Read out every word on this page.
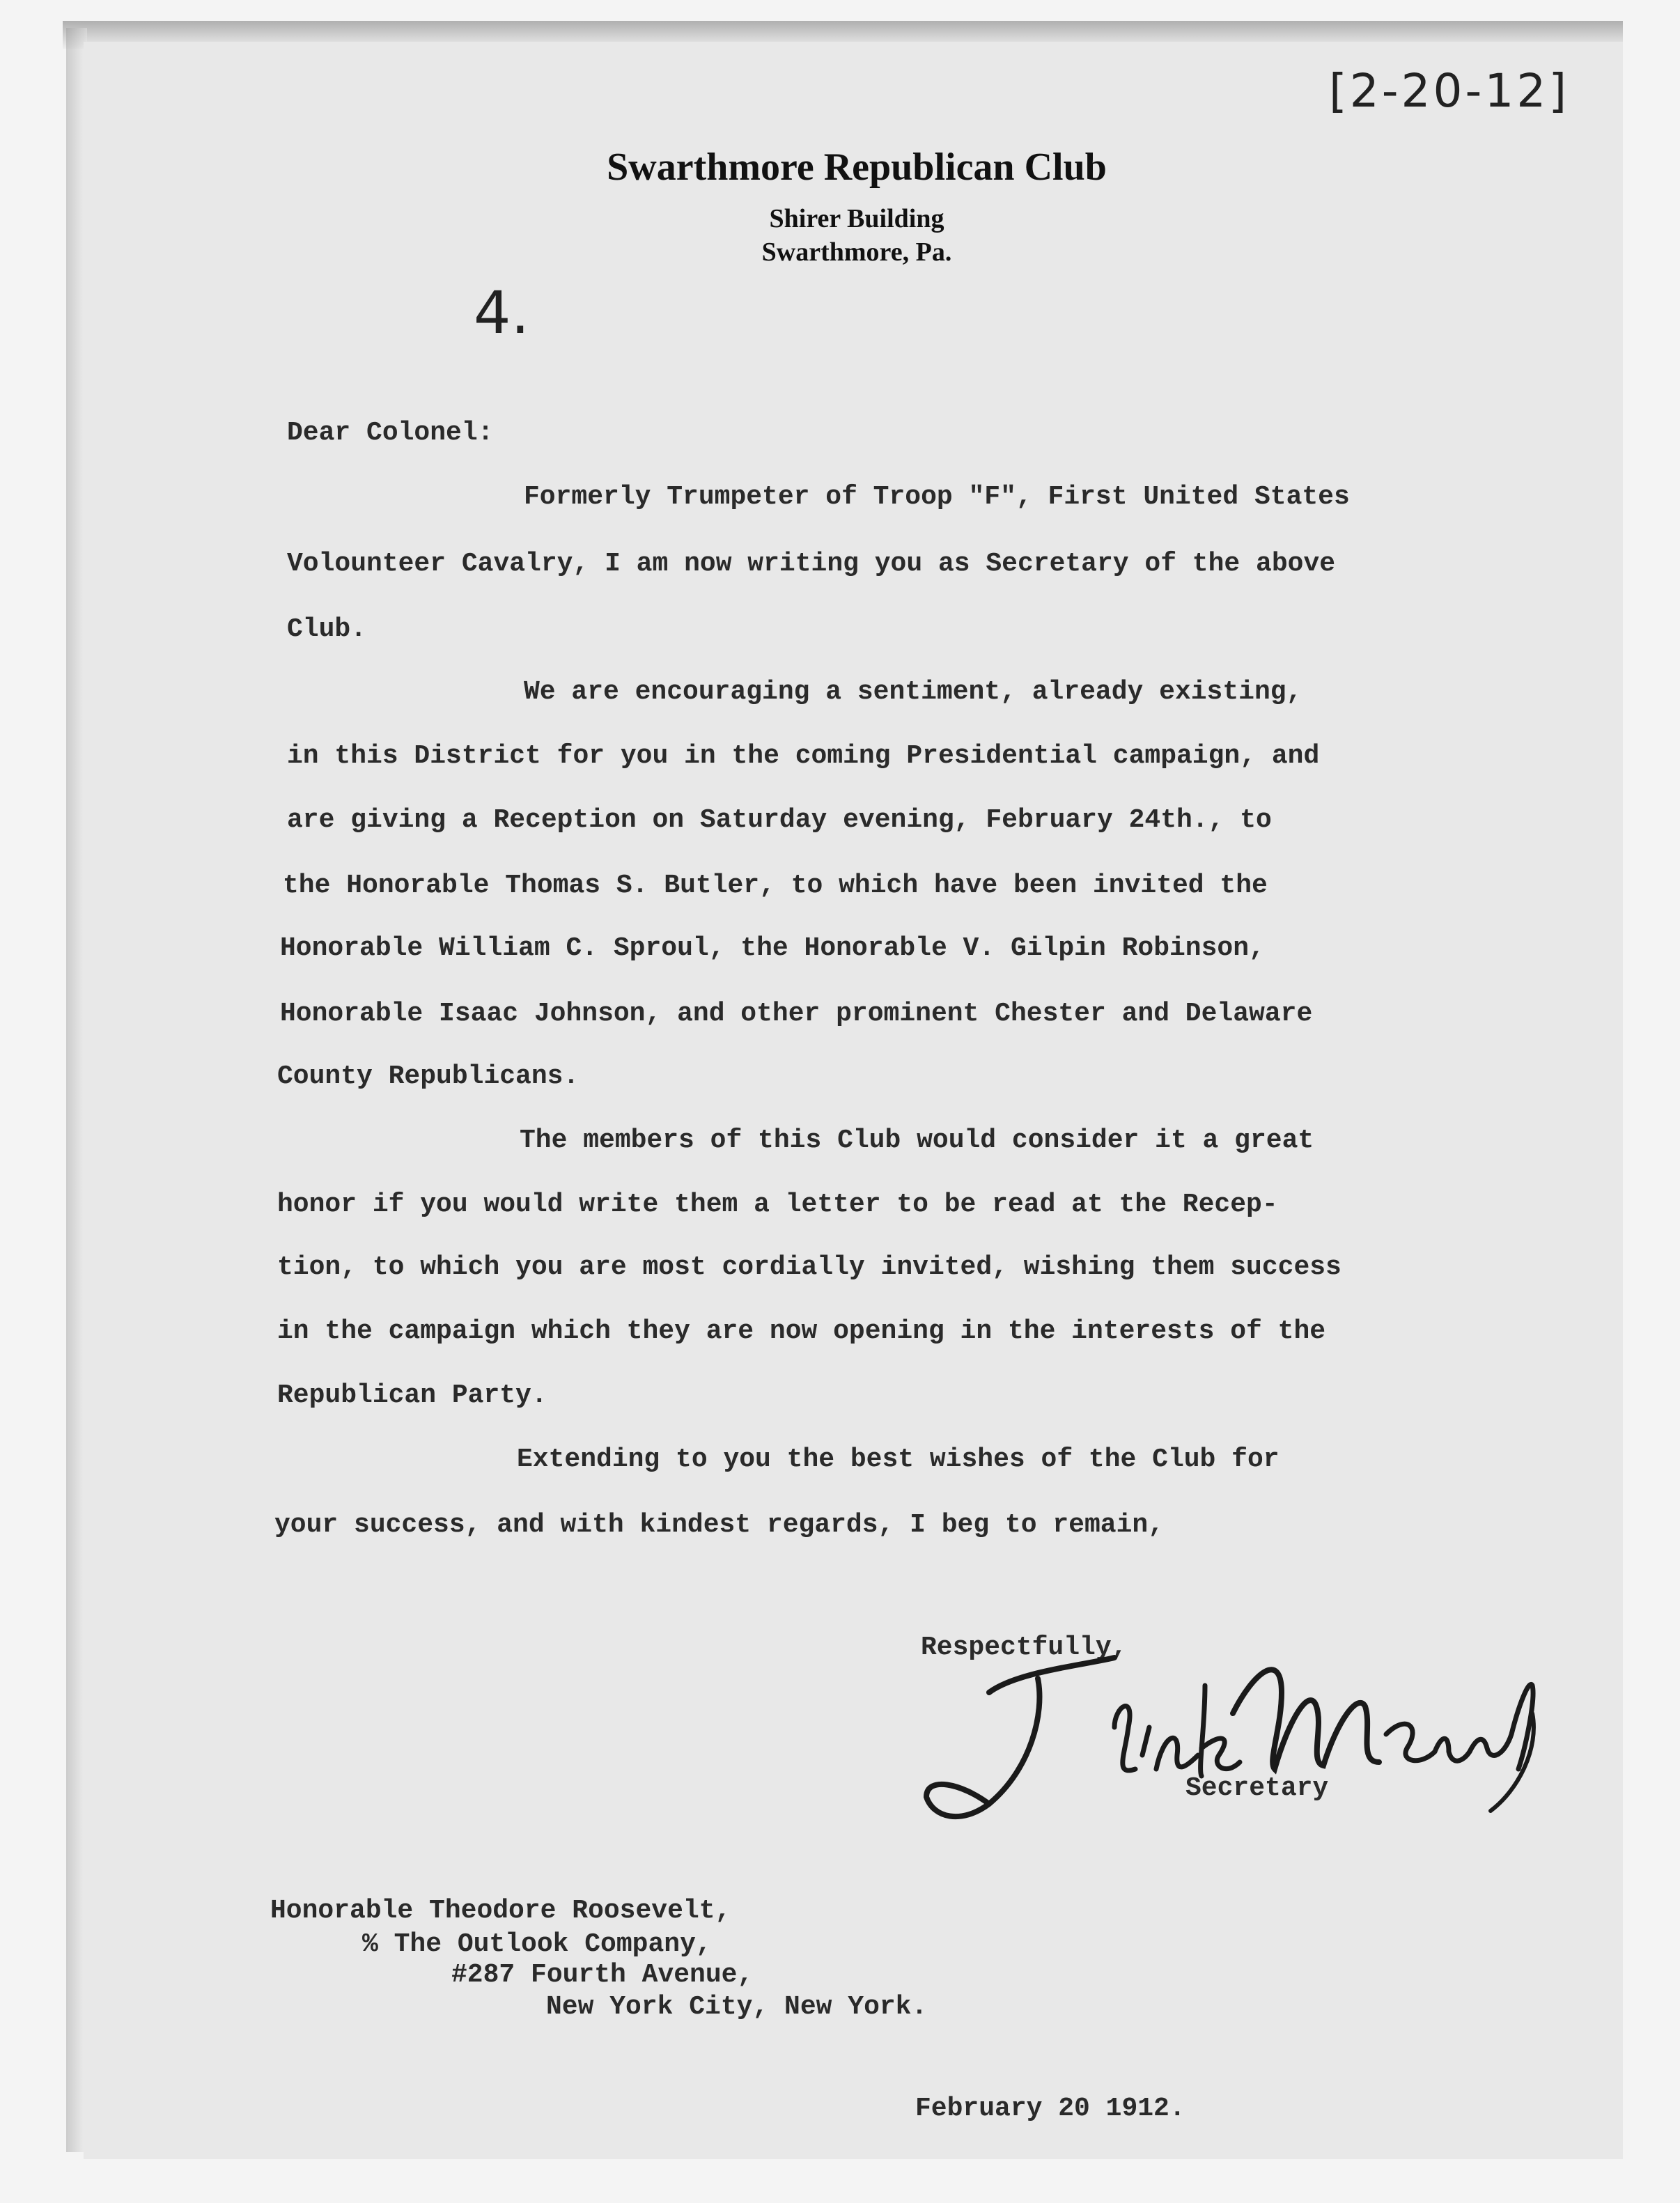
[2-20-12]
4.
Swarthmore Republican Club
Shirer Building
Swarthmore, Pa.
Dear Colonel:
Formerly Trumpeter of Troop "F", First United States
Volounteer Cavalry, I am now writing you as Secretary of the above
Club.
We are encouraging a sentiment, already existing,
in this District for you in the coming Presidential campaign, and
are giving a Reception on Saturday evening, February 24th., to
the Honorable Thomas S. Butler, to which have been invited the
Honorable William C. Sproul, the Honorable V. Gilpin Robinson,
Honorable Isaac Johnson, and other prominent Chester and Delaware
County Republicans.
The members of this Club would consider it a great
honor if you would write them a letter to be read at the Recep-
tion, to which you are most cordially invited, wishing them success
in the campaign which they are now opening in the interests of the
Republican Party.
Extending to you the best wishes of the Club for
your success, and with kindest regards, I beg to remain,
Respectfully,
Secretary
Honorable Theodore Roosevelt,
% The Outlook Company,
#287 Fourth Avenue,
New York City, New York.
February 20 1912.
